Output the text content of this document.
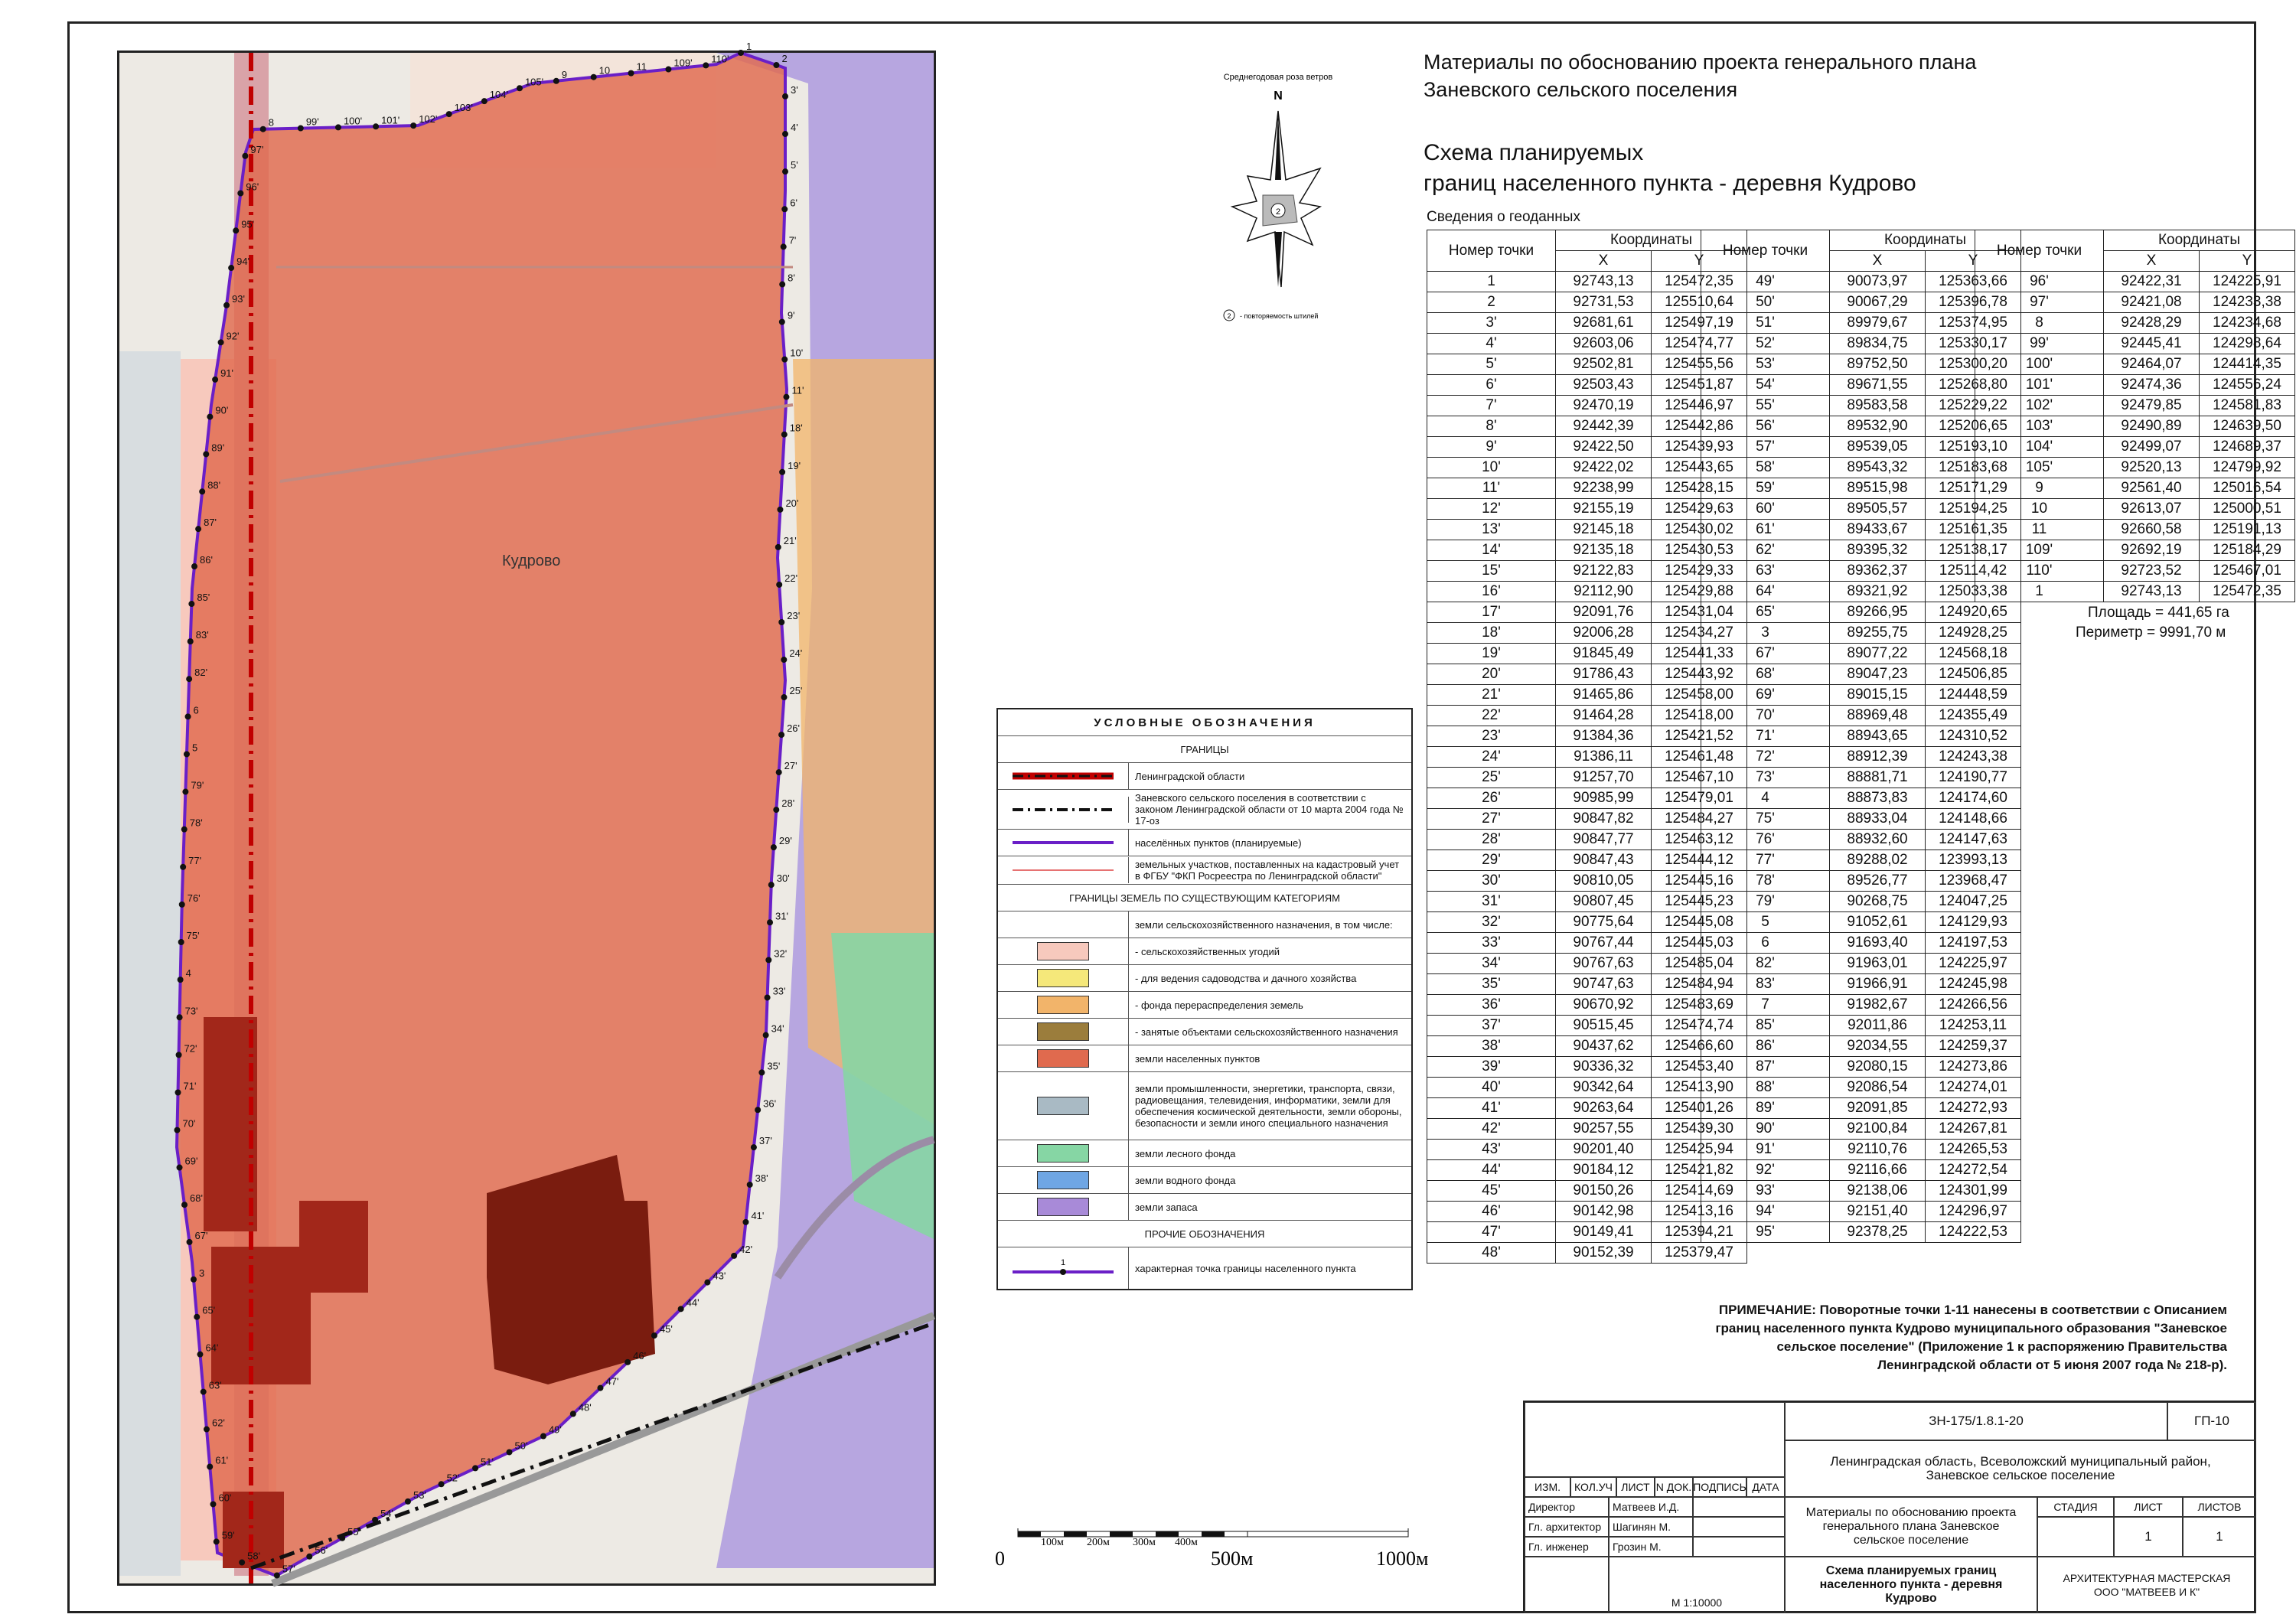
Кудрово
1
2
3'
4'
5'
6'
7'
8'
9'
10'
11'
18'
19'
20'
21'
22'
23'
24'
25'
26'
27'
28'
29'
30'
31'
32'
33'
34'
35'
36'
37'
38'
41'
42'
43'
44'
45'
46'
47'
48'
49'
50'
51'
52'
53'
54'
55'
56'
57'
58'
59'
60'
61'
62'
63'
64'
65'
3
67'
68'
69'
70'
71'
72'
73'
4
75'
76'
77'
78'
79'
5
6
82'
83'
85'
86'
87'
88'
89'
90'
91'
92'
93'
94'
95'
96'
97'
8	99' 100' 101' 102'
103'
104'
105'
9	10	11	109' 110'
Среднегодовая роза ветров
N
2
2 - повторяемость штилей
Материалы по обоснованию проекта генерального плана
Заневского сельского поселения
Схема планируемых
границ населенного пункта - деревня Кудрово
Сведения о геоданных
Номер точки	Координаты	
	X	Y
1	92743,13	125472,35
2	92731,53	125510,64
3'	92681,61	125497,19
4'	92603,06	125474,77
5'	92502,81	125455,56
6'	92503,43	125451,87
7'	92470,19	125446,97
8'	92442,39	125442,86
9'	92422,50	125439,93
10'	92422,02	125443,65
11'	92238,99	125428,15
12'	92155,19	125429,63
13'	92145,18	125430,02
14'	92135,18	125430,53
15'	92122,83	125429,33
16'	92112,90	125429,88
17'	92091,76	125431,04
18'	92006,28	125434,27
19'	91845,49	125441,33
20'	91786,43	125443,92
21'	91465,86	125458,00
22'	91464,28	125418,00
23'	91384,36	125421,52
24'	91386,11	125461,48
25'	91257,70	125467,10
26'	90985,99	125479,01
27'	90847,82	125484,27
28'	90847,77	125463,12
29'	90847,43	125444,12
30'	90810,05	125445,16
31'	90807,45	125445,23
32'	90775,64	125445,08
33'	90767,44	125445,03
34'	90767,63	125485,04
35'	90747,63	125484,94
36'	90670,92	125483,69
37'	90515,45	125474,74
38'	90437,62	125466,60
39'	90336,32	125453,40
40'	90342,64	125413,90
41'	90263,64	125401,26
42'	90257,55	125439,30
43'	90201,40	125425,94
44'	90184,12	125421,82
45'	90150,26	125414,69
46'	90142,98	125413,16
47'	90149,41	125394,21
48'	90152,39	125379,47
Номер точки	Координаты	
	X	Y
49'	90073,97	125363,66
50'	90067,29	125396,78
51'	89979,67	125374,95
52'	89834,75	125330,17
53'	89752,50	125300,20
54'	89671,55	125268,80
55'	89583,58	125229,22
56'	89532,90	125206,65
57'	89539,05	125193,10
58'	89543,32	125183,68
59'	89515,98	125171,29
60'	89505,57	125194,25
61'	89433,67	125161,35
62'	89395,32	125138,17
63'	89362,37	125114,42
64'	89321,92	125033,38
65'	89266,95	124920,65
3	89255,75	124928,25
67'	89077,22	124568,18
68'	89047,23	124506,85
69'	89015,15	124448,59
70'	88969,48	124355,49
71'	88943,65	124310,52
72'	88912,39	124243,38
73'	88881,71	124190,77
4	88873,83	124174,60
75'	88933,04	124148,66
76'	88932,60	124147,63
77'	89288,02	123993,13
78'	89526,77	123968,47
79'	90268,75	124047,25
5	91052,61	124129,93
6	91693,40	124197,53
82'	91963,01	124225,97
83'	91966,91	124245,98
7	91982,67	124266,56
85'	92011,86	124253,11
86'	92034,55	124259,37
87'	92080,15	124273,86
88'	92086,54	124274,01
89'	92091,85	124272,93
90'	92100,84	124267,81
91'	92110,76	124265,53
92'	92116,66	124272,54
93'	92138,06	124301,99
94'	92151,40	124296,97
95'	92378,25	124222,53
Номер точки	Координаты	
	X	Y
96'	92422,31	124225,91
97'	92421,08	124233,38
8	92428,29	124234,68
99'	92445,41	124298,64
100'	92464,07	124414,35
101'	92474,36	124556,24
102'	92479,85	124581,83
103'	92490,89	124639,50
104'	92499,07	124689,37
105'	92520,13	124799,92
9	92561,40	125016,54
10	92613,07	125000,51
11	92660,58	125191,13
109'	92692,19	125184,29
110'	92723,52	125467,01
1	92743,13	125472,35
Площадь = 441,65 га
Периметр = 9991,70 м
УСЛОВНЫЕ ОБОЗНАЧЕНИЯ
ГРАНИЦЫ
Ленинградской области
Заневского сельского поселения в соответствии с законом Ленинградской области от 10 марта 2004 года № 17-оз
населённых пунктов (планируемые)
земельных участков, поставленных на кадастровый учет в ФГБУ "ФКП Росреестра по Ленинградской области"
ГРАНИЦЫ ЗЕМЕЛЬ ПО СУЩЕСТВУЮЩИМ КАТЕГОРИЯМ
земли сельскохозяйственного назначения, в том числе:
- сельскохозяйственных угодий
- для ведения садоводства и дачного хозяйства
- фонда перераспределения земель
- занятые объектами сельскохозяйственного назначения
земли населенных пунктов
земли промышленности, энергетики, транспорта, связи, радиовещания, телевидения, информатики, земли для обеспечения космической деятельности, земли обороны, безопасности и земли иного специального назначения
земли лесного фонда
земли водного фонда
земли запаса
ПРОЧИЕ ОБОЗНАЧЕНИЯ
1	характерная точка границы населенного пункта
0
100м 200м 300м 400м
500м	1000м
ПРИМЕЧАНИЕ: Поворотные точки 1-11 нанесены в соответствии с Описанием границ населенного пункта Кудрово муниципального образования "Заневское сельское поселение" (Приложение 1 к распоряжению Правительства Ленинградской области от 5 июня 2007 года № 218-р).
ИЗМ.	КОЛ.УЧ ЛИСТ N ДОК. ПОДПИСЬ ДАТА
Директор	Матвеев И.Д.
Гл. архитектор	Шагинян М.
Гл. инженер	Грозин М.
М 1:10000
ЗН-175/1.8.1-20	ГП-10
Ленинградская область, Всеволожский муниципальный район, Заневское сельское поселение
Материалы по обоснованию проекта генерального плана Заневское сельское поселение
СТАДИЯ	ЛИСТ	ЛИСТОВ
1	1
Схема планируемых границ населенного пункта - деревня Кудрово
АРХИТЕКТУРНАЯ МАСТЕРСКАЯ ООО "МАТВЕЕВ И К"
